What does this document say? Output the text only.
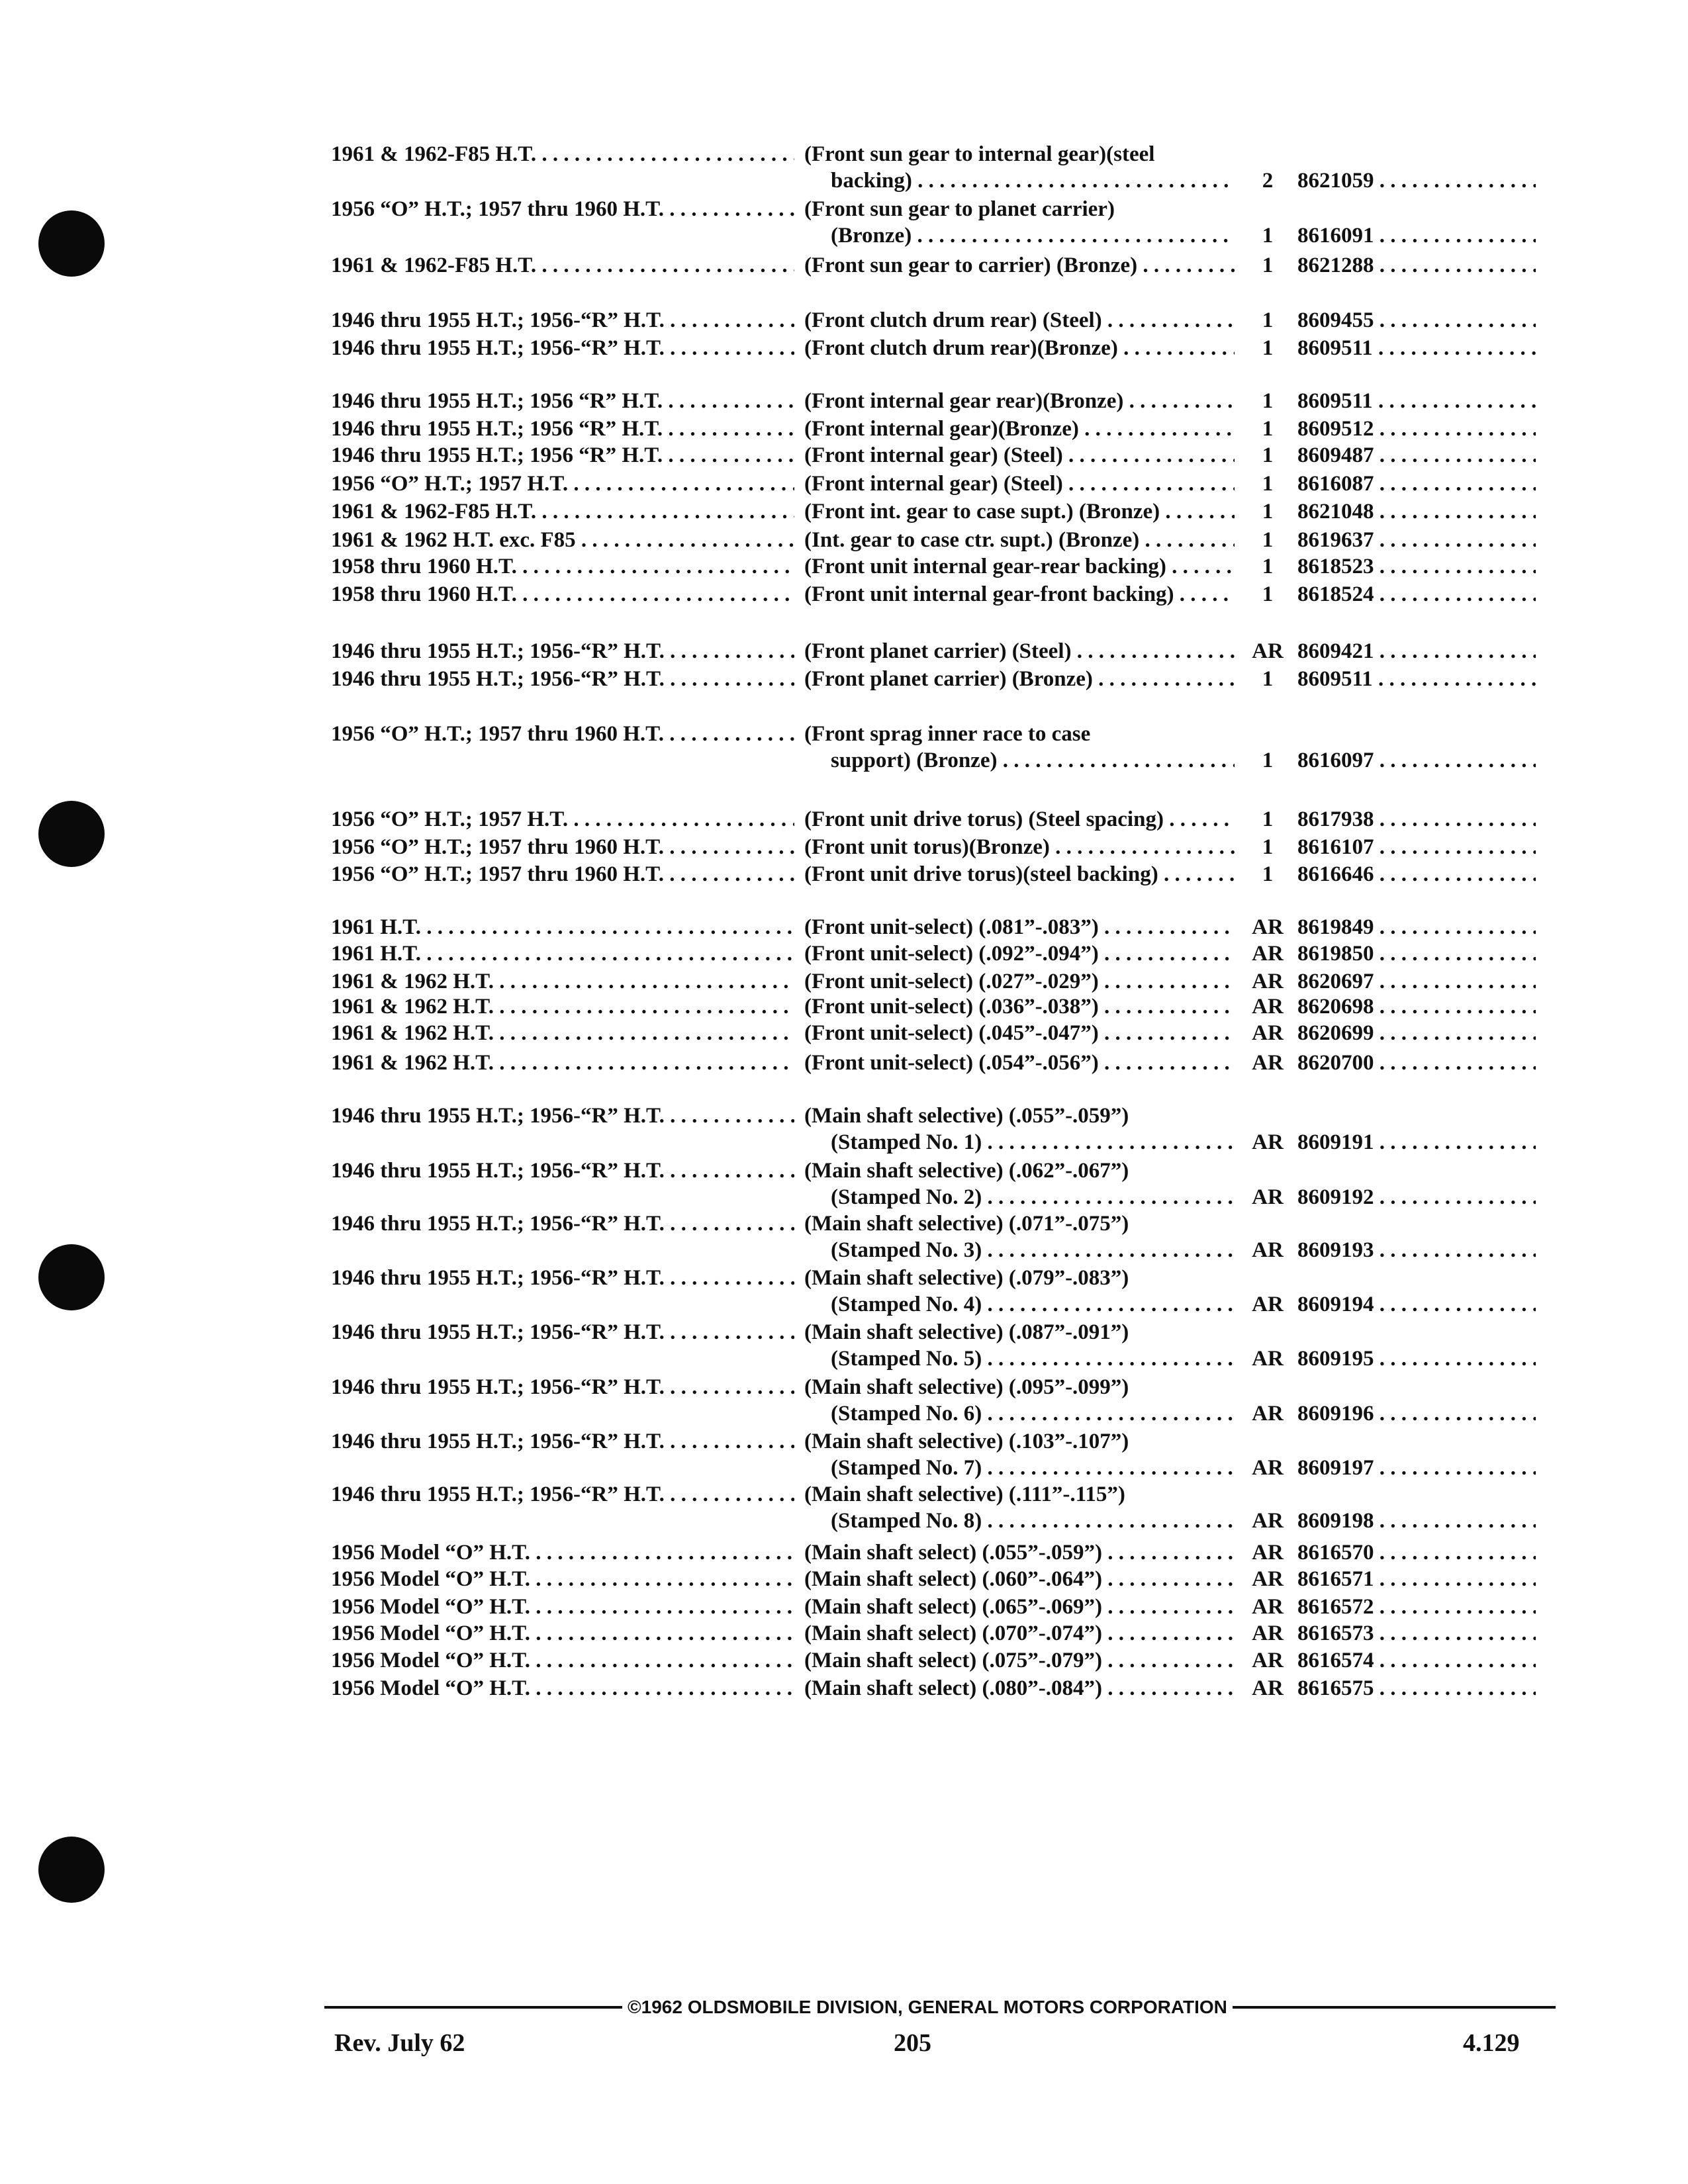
1961 & 1962-F85 H.T. . . .	(Front sun gear to internal gear)(steel
backing) . . .	2	8621059 . . .
1956 “O” H.T.; 1957 thru 1960 H.T. . . .	(Front sun gear to planet carrier)
(Bronze) . . .	1	8616091 . . .
1961 & 1962-F85 H.T. . . .	(Front sun gear to carrier) (Bronze) . . .	1	8621288 . . .
1946 thru 1955 H.T.; 1956-“R” H.T. . . .	(Front clutch drum rear) (Steel) . . .	1	8609455 . . .
1946 thru 1955 H.T.; 1956-“R” H.T. . . .	(Front clutch drum rear)(Bronze) . . .	1	8609511 . . .
1946 thru 1955 H.T.; 1956 “R” H.T. . . .	(Front internal gear rear)(Bronze) . . .	1	8609511 . . .
1946 thru 1955 H.T.; 1956 “R” H.T. . . .	(Front internal gear)(Bronze) . . .	1	8609512 . . .
1946 thru 1955 H.T.; 1956 “R” H.T. . . .	(Front internal gear) (Steel) . . .	1	8609487 . . .
1956 “O” H.T.; 1957 H.T. . . .	(Front internal gear) (Steel) . . .	1	8616087 . . .
1961 & 1962-F85 H.T. . . .	(Front int. gear to case supt.) (Bronze) . . .	1	8621048 . . .
1961 & 1962 H.T. exc. F85 . . .	(Int. gear to case ctr. supt.) (Bronze) . . .	1	8619637 . . .
1958 thru 1960 H.T. . . .	(Front unit internal gear-rear backing) . . .	1	8618523 . . .
1958 thru 1960 H.T. . . .	(Front unit internal gear-front backing) . . .	1	8618524 . . .
1946 thru 1955 H.T.; 1956-“R” H.T. . . .	(Front planet carrier) (Steel) . . .	AR 8609421 . . .
1946 thru 1955 H.T.; 1956-“R” H.T. . . .	(Front planet carrier) (Bronze) . . .	1	8609511 . . .
1956 “O” H.T.; 1957 thru 1960 H.T. . . .	(Front sprag inner race to case
support) (Bronze) . . .	1	8616097 . . .
1956 “O” H.T.; 1957 H.T. . . .	(Front unit drive torus) (Steel spacing) . . .	1	8617938 . . .
1956 “O” H.T.; 1957 thru 1960 H.T. . . .	(Front unit torus)(Bronze) . . .	1	8616107 . . .
1956 “O” H.T.; 1957 thru 1960 H.T. . . .	(Front unit drive torus)(steel backing) . . .	1	8616646 . . .
1961 H.T. . . .	(Front unit-select) (.081”-.083”) . . .	AR 8619849 . . .
1961 H.T. . . .	(Front unit-select) (.092”-.094”) . . .	AR 8619850 . . .
1961 & 1962 H.T. . . .	(Front unit-select) (.027”-.029”) . . .	AR 8620697 . . .
1961 & 1962 H.T. . . .	(Front unit-select) (.036”-.038”) . . .	AR 8620698 . . .
1961 & 1962 H.T. . . .	(Front unit-select) (.045”-.047”) . . .	AR 8620699 . . .
1961 & 1962 H.T. . . .	(Front unit-select) (.054”-.056”) . . .	AR 8620700 . . .
1946 thru 1955 H.T.; 1956-“R” H.T. . . .	(Main shaft selective) (.055”-.059”)
(Stamped No. 1) . . .	AR 8609191 . . .
1946 thru 1955 H.T.; 1956-“R” H.T. . . .	(Main shaft selective) (.062”-.067”)
(Stamped No. 2) . . .	AR 8609192 . . .
1946 thru 1955 H.T.; 1956-“R” H.T. . . .	(Main shaft selective) (.071”-.075”)
(Stamped No. 3) . . .	AR 8609193 . . .
1946 thru 1955 H.T.; 1956-“R” H.T. . . .	(Main shaft selective) (.079”-.083”)
(Stamped No. 4) . . .	AR 8609194 . . .
1946 thru 1955 H.T.; 1956-“R” H.T. . . .	(Main shaft selective) (.087”-.091”)
(Stamped No. 5) . . .	AR 8609195 . . .
1946 thru 1955 H.T.; 1956-“R” H.T. . . .	(Main shaft selective) (.095”-.099”)
(Stamped No. 6) . . .	AR 8609196 . . .
1946 thru 1955 H.T.; 1956-“R” H.T. . . .	(Main shaft selective) (.103”-.107”)
(Stamped No. 7) . . .	AR 8609197 . . .
1946 thru 1955 H.T.; 1956-“R” H.T. . . .	(Main shaft selective) (.111”-.115”)
(Stamped No. 8) . . .	AR 8609198 . . .
1956 Model “O” H.T. . . .	(Main shaft select) (.055”-.059”) . . .	AR 8616570 . . .
1956 Model “O” H.T. . . .	(Main shaft select) (.060”-.064”) . . .	AR 8616571 . . .
1956 Model “O” H.T. . . .	(Main shaft select) (.065”-.069”) . . .	AR 8616572 . . .
1956 Model “O” H.T. . . .	(Main shaft select) (.070”-.074”) . . .	AR 8616573 . . .
1956 Model “O” H.T. . . .	(Main shaft select) (.075”-.079”) . . .	AR 8616574 . . .
1956 Model “O” H.T. . . .	(Main shaft select) (.080”-.084”) . . .	AR 8616575 . . .
©1962 OLDSMOBILE DIVISION, GENERAL MOTORS CORPORATION
Rev. July 62	205	4.129
